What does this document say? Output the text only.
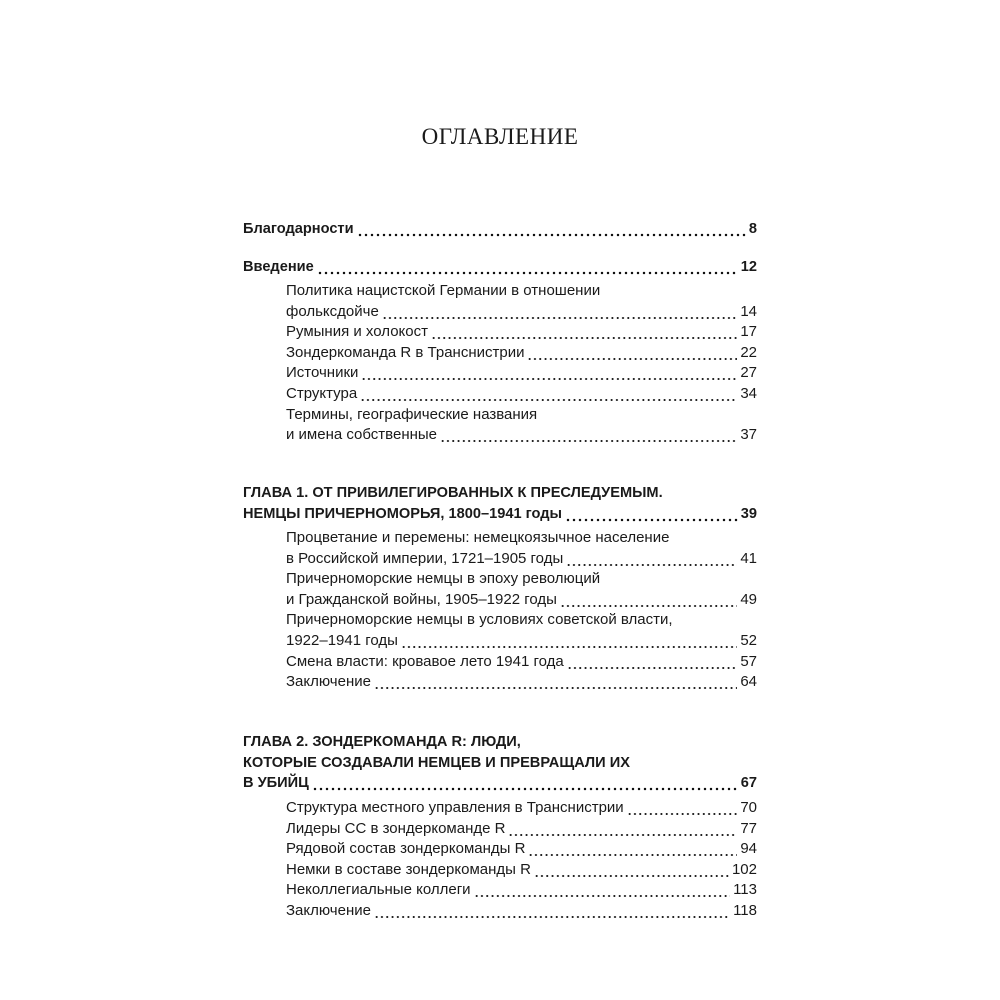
ОГЛАВЛЕНИЕ
Благодарности	8
Введение	12
Политика нацистской Германии в отношении
фольксдойче	14
Румыния и холокост	17
Зондеркоманда R в Транснистрии	22
Источники	27
Структура	34
Термины, географические названия
и имена собственные	37
ГЛАВА 1. ОТ ПРИВИЛЕГИРОВАННЫХ К ПРЕСЛЕДУЕМЫМ.
НЕМЦЫ ПРИЧЕРНОМОРЬЯ, 1800–1941 годы	39
Процветание и перемены: немецкоязычное население
в Российской империи, 1721–1905 годы	41
Причерноморские немцы в эпоху революций
и Гражданской войны, 1905–1922 годы	49
Причерноморские немцы в условиях советской власти,
1922–1941 годы	52
Смена власти: кровавое лето 1941 года	57
Заключение	64
ГЛАВА 2. ЗОНДЕРКОМАНДА R: ЛЮДИ,
КОТОРЫЕ СОЗДАВАЛИ НЕМЦЕВ И ПРЕВРАЩАЛИ ИХ
В УБИЙЦ	67
Структура местного управления в Транснистрии	70
Лидеры СС в зондеркоманде R	77
Рядовой состав зондеркоманды R	94
Немки в составе зондеркоманды R	102
Неколлегиальные коллеги	113
Заключение	118
